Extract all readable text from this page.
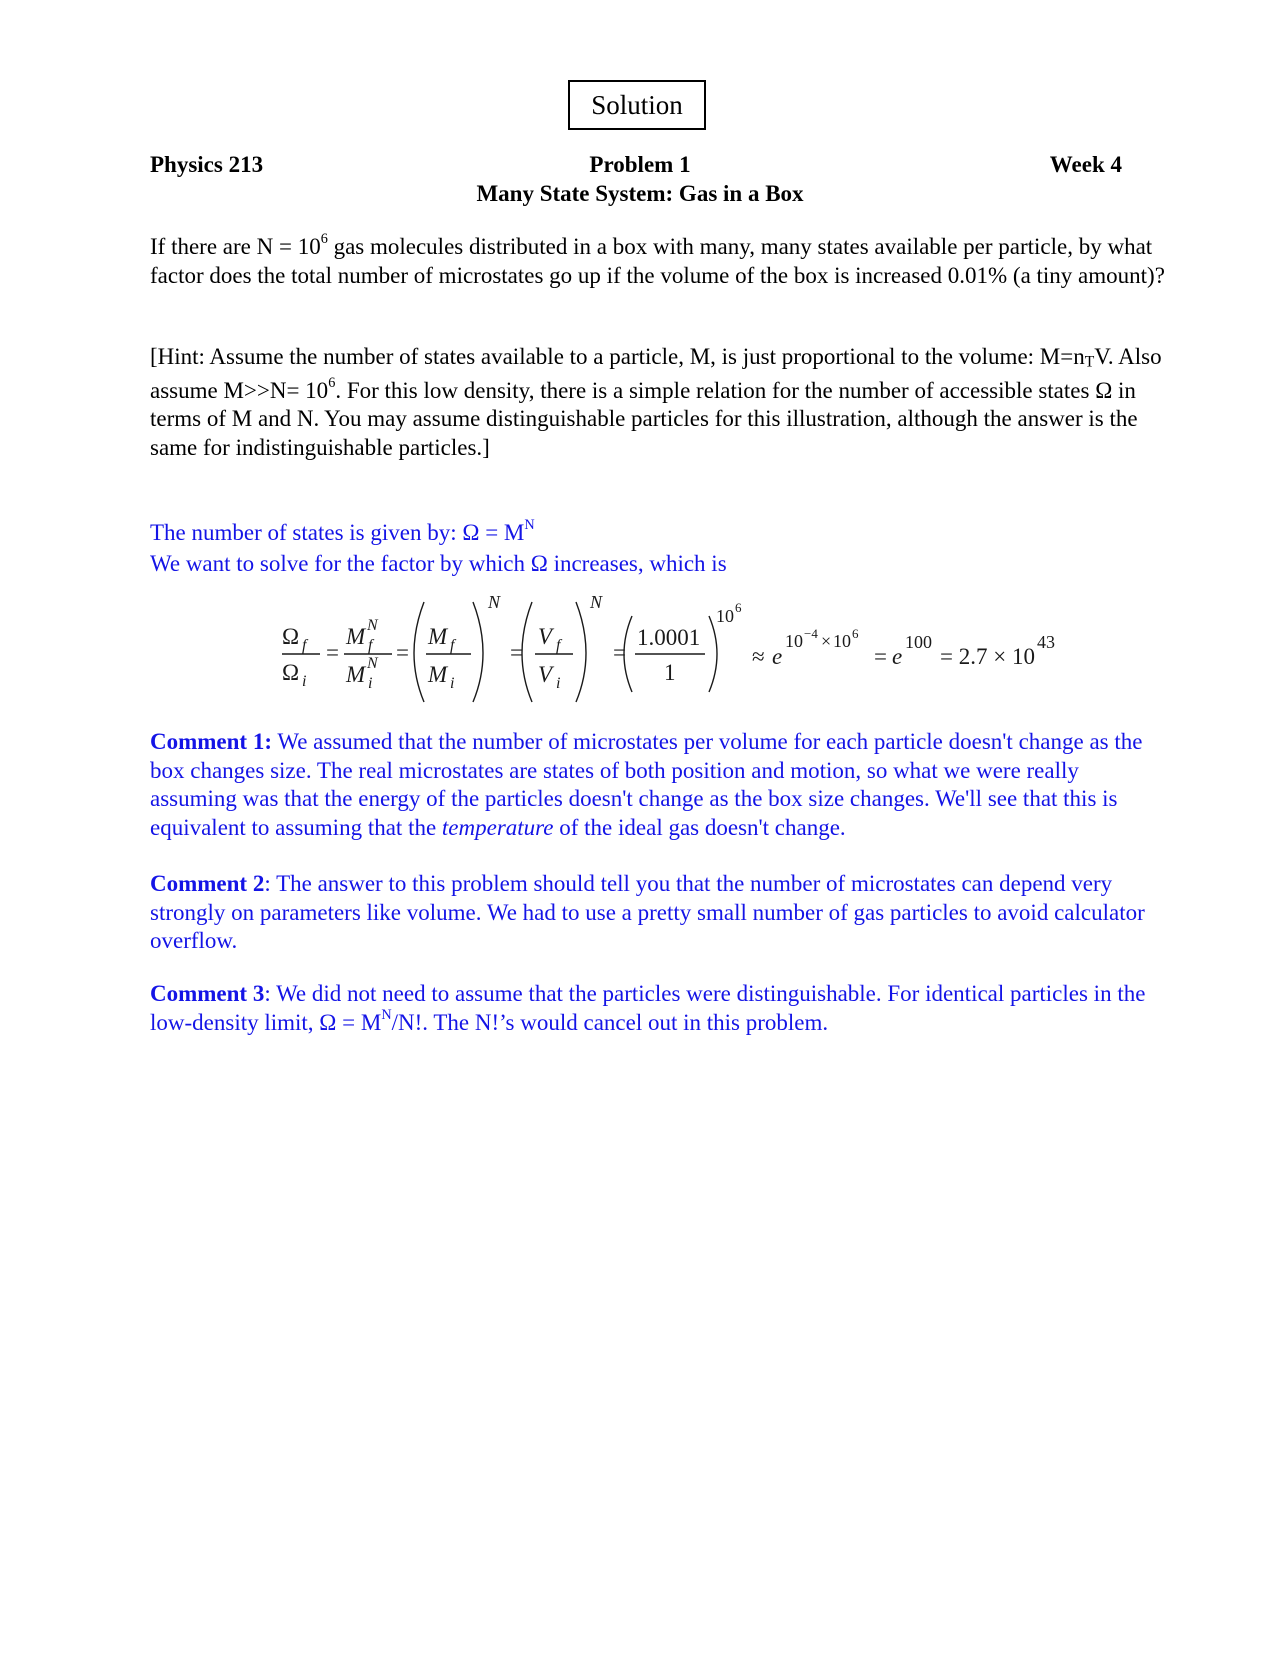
Solution
Physics 213	Problem 1	Week 4
Many State System: Gas in a Box
If there are $N = 10^6$ gas molecules distributed in a box with many, many states available per particle, by what factor does the total number of microstates go up if the volume of the box is increased 0.01% (a tiny amount)?
[Hint: Assume the number of states available to a particle, M, is just proportional to the volume: M=nTV. Also assume $M>>N= 10^6$. For this low density, there is a simple relation for the number of accessible states Ω in terms of M and N. You may assume distinguishable particles for this illustration, although the answer is the same for indistinguishable particles.]
The number of states is given by: $\Omega = M^N$
We want to solve for the factor by which Ω increases, which is
Ω f
Ω i
=
M N
f
M N
i
=
M f
M i
N
=
V f
V i
N
=
1.0001
1
10 6
≈ e
10 −4 × 10 6
= e
100
= 2.7 × 10
43
Comment 1: We assumed that the number of microstates per volume for each particle doesn't change as the box changes size. The real microstates are states of both position and motion, so what we were really assuming was that the energy of the particles doesn't change as the box size changes. We'll see that this is equivalent to assuming that the temperature of the ideal gas doesn't change.
Comment 2: The answer to this problem should tell you that the number of microstates can depend very strongly on parameters like volume. We had to use a pretty small number of gas particles to avoid calculator overflow.
Comment 3: We did not need to assume that the particles were distinguishable. For identical particles in the low-density limit, $\Omega = M^N/N$!. The N!’s would cancel out in this problem.
